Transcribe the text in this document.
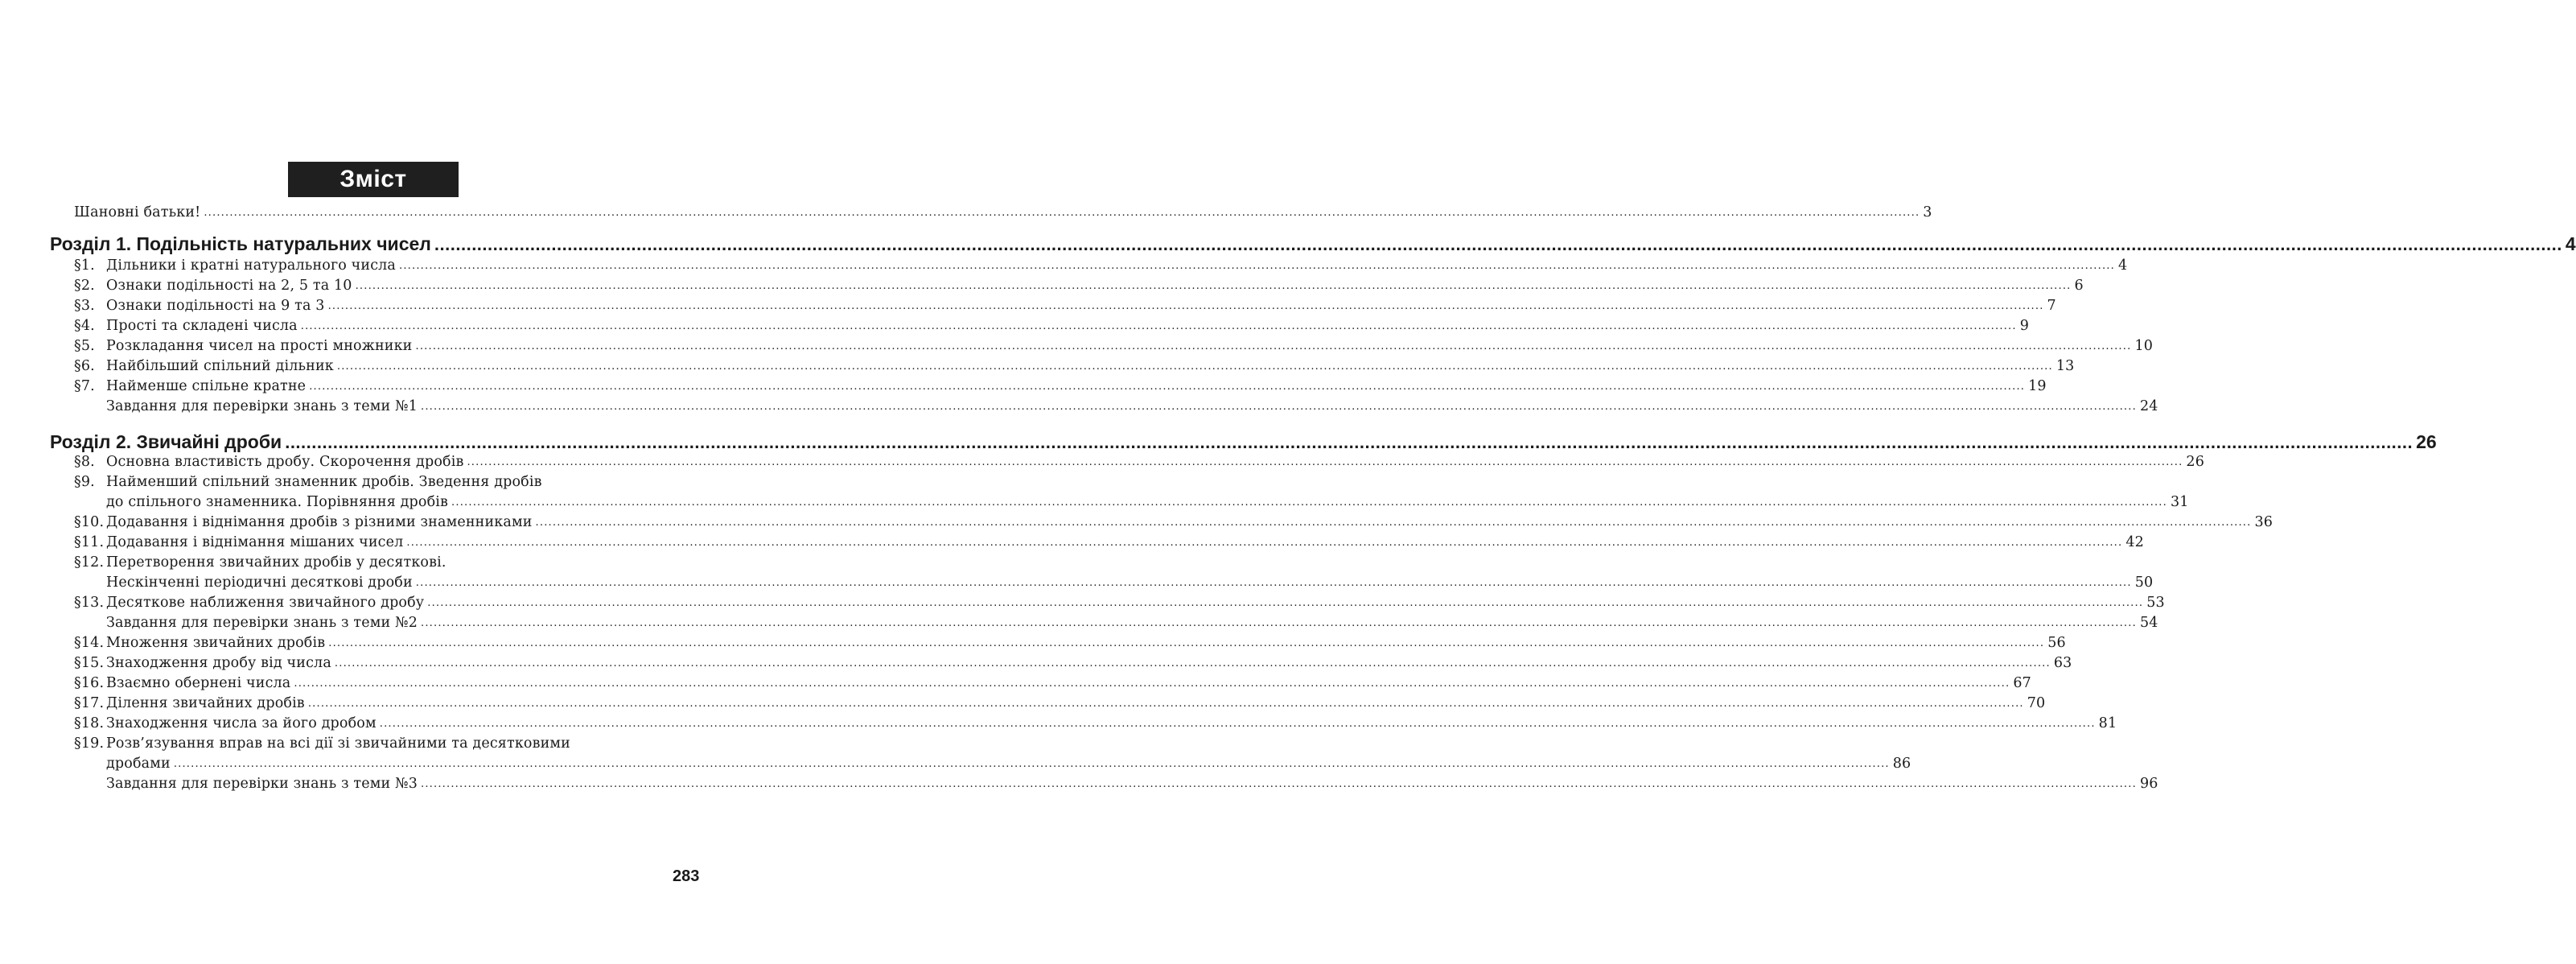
Зміст
Шановні батьки! ................................................................................................................................................................................................................................................................................................................................................................................................................ 3
Розділ 1. Подільність натуральних чисел ................................................................................................................................................................................................................................................................................................................................................................................................................ 4
§1. Дільники і кратні натурального числа ................................................................................................................................................................................................................................................................................................................................................................................................................ 4
§2. Ознаки подільності на 2, 5 та 10 ................................................................................................................................................................................................................................................................................................................................................................................................................ 6
§3. Ознаки подільності на 9 та 3 ................................................................................................................................................................................................................................................................................................................................................................................................................ 7
§4. Прості та складені числа ................................................................................................................................................................................................................................................................................................................................................................................................................ 9
§5. Розкладання чисел на прості множники ................................................................................................................................................................................................................................................................................................................................................................................................................ 10
§6. Найбільший спільний дільник ................................................................................................................................................................................................................................................................................................................................................................................................................ 13
§7. Найменше спільне кратне ................................................................................................................................................................................................................................................................................................................................................................................................................ 19
Завдання для перевірки знань з теми №1 ................................................................................................................................................................................................................................................................................................................................................................................................................ 24
Розділ 2. Звичайні дроби ................................................................................................................................................................................................................................................................................................................................................................................................................ 26
§8. Основна властивість дробу. Скорочення дробів ................................................................................................................................................................................................................................................................................................................................................................................................................ 26
§9. Найменший спільний знаменник дробів. Зведення дробів
до спільного знаменника. Порівняння дробів ................................................................................................................................................................................................................................................................................................................................................................................................................ 31
§10. Додавання і віднімання дробів з різними знаменниками ................................................................................................................................................................................................................................................................................................................................................................................................................ 36
§11. Додавання і віднімання мішаних чисел ................................................................................................................................................................................................................................................................................................................................................................................................................ 42
§12. Перетворення звичайних дробів у десяткові.
Нескінченні періодичні десяткові дроби ................................................................................................................................................................................................................................................................................................................................................................................................................ 50
§13. Десяткове наближення звичайного дробу ................................................................................................................................................................................................................................................................................................................................................................................................................ 53
Завдання для перевірки знань з теми №2 ................................................................................................................................................................................................................................................................................................................................................................................................................ 54
§14. Множення звичайних дробів ................................................................................................................................................................................................................................................................................................................................................................................................................ 56
§15. Знаходження дробу від числа ................................................................................................................................................................................................................................................................................................................................................................................................................ 63
§16. Взаємно обернені числа ................................................................................................................................................................................................................................................................................................................................................................................................................ 67
§17. Ділення звичайних дробів ................................................................................................................................................................................................................................................................................................................................................................................................................ 70
§18. Знаходження числа за його дробом ................................................................................................................................................................................................................................................................................................................................................................................................................ 81
§19. Розв’язування вправ на всі дії зі звичайними та десятковими
дробами ................................................................................................................................................................................................................................................................................................................................................................................................................ 86
Завдання для перевірки знань з теми №3 ................................................................................................................................................................................................................................................................................................................................................................................................................ 96
283
